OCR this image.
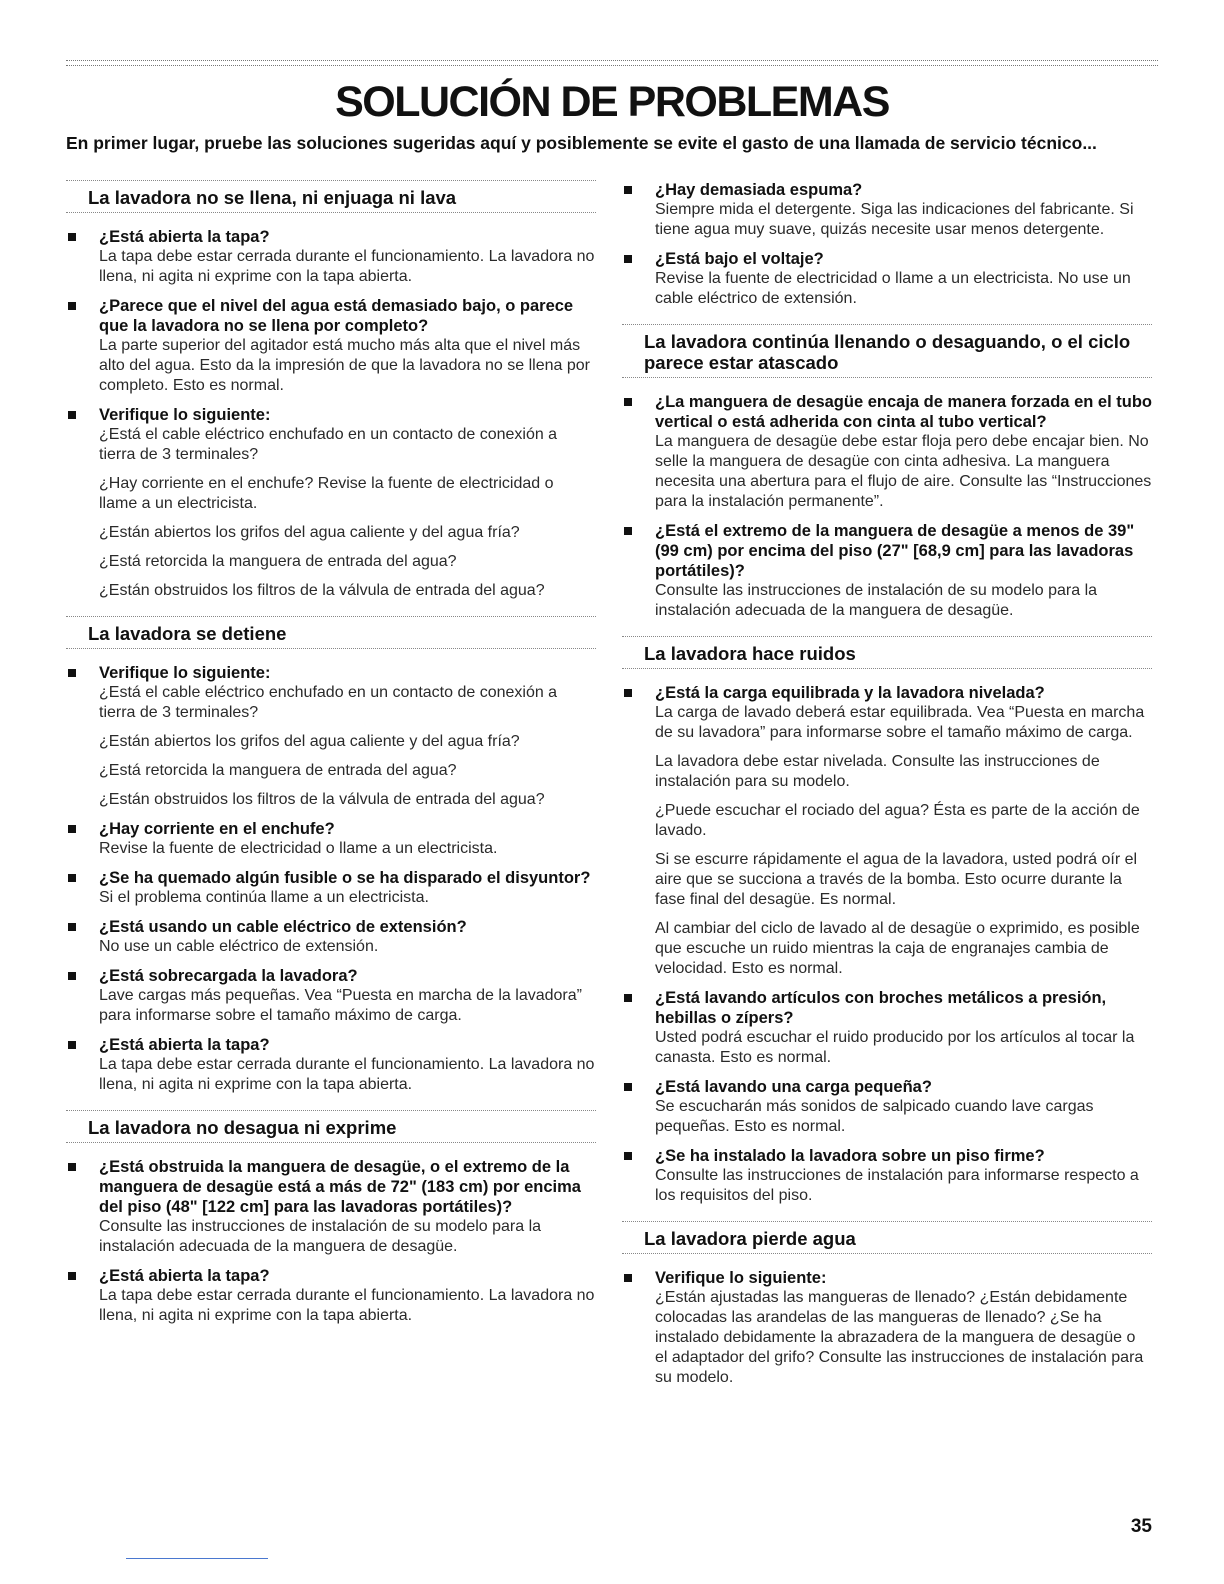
SOLUCIÓN DE PROBLEMAS

En primer lugar, pruebe las soluciones sugeridas aquí y posiblemente se evite el gasto de una llamada de servicio técnico...

La lavadora no se llena, ni enjuaga ni lava
¿Está abierta la tapa?

La tapa debe estar cerrada durante el funcionamiento. La lavadora no llena, ni agita ni exprime con la tapa abierta.

¿Parece que el nivel del agua está demasiado bajo, o parece que la lavadora no se llena por completo?

La parte superior del agitador está mucho más alta que el nivel más alto del agua. Esto da la impresión de que la lavadora no se llena por completo. Esto es normal.

Verifique lo siguiente:

¿Está el cable eléctrico enchufado en un contacto de conexión a tierra de 3 terminales?

¿Hay corriente en el enchufe? Revise la fuente de electricidad o llame a un electricista.

¿Están abiertos los grifos del agua caliente y del agua fría?

¿Está retorcida la manguera de entrada del agua?

¿Están obstruidos los filtros de la válvula de entrada del agua?

La lavadora se detiene
Verifique lo siguiente:

¿Está el cable eléctrico enchufado en un contacto de conexión a tierra de 3 terminales?

¿Están abiertos los grifos del agua caliente y del agua fría?

¿Está retorcida la manguera de entrada del agua?

¿Están obstruidos los filtros de la válvula de entrada del agua?

¿Hay corriente en el enchufe?

Revise la fuente de electricidad o llame a un electricista.

¿Se ha quemado algún fusible o se ha disparado el disyuntor?

Si el problema continúa llame a un electricista.

¿Está usando un cable eléctrico de extensión?

No use un cable eléctrico de extensión.

¿Está sobrecargada la lavadora?

Lave cargas más pequeñas. Vea “Puesta en marcha de la lavadora” para informarse sobre el tamaño máximo de carga.

¿Está abierta la tapa?

La tapa debe estar cerrada durante el funcionamiento. La lavadora no llena, ni agita ni exprime con la tapa abierta.

La lavadora no desagua ni exprime
¿Está obstruida la manguera de desagüe, o el extremo de la manguera de desagüe está a más de 72" (183 cm) por encima del piso (48" [122 cm] para las lavadoras portátiles)?

Consulte las instrucciones de instalación de su modelo para la instalación adecuada de la manguera de desagüe.

¿Está abierta la tapa?

La tapa debe estar cerrada durante el funcionamiento. La lavadora no llena, ni agita ni exprime con la tapa abierta.

¿Hay demasiada espuma?

Siempre mida el detergente. Siga las indicaciones del fabricante. Si tiene agua muy suave, quizás necesite usar menos detergente.

¿Está bajo el voltaje?

Revise la fuente de electricidad o llame a un electricista. No use un cable eléctrico de extensión.

La lavadora continúa llenando o desaguando, o el ciclo parece estar atascado
¿La manguera de desagüe encaja de manera forzada en el tubo vertical o está adherida con cinta al tubo vertical?

La manguera de desagüe debe estar floja pero debe encajar bien. No selle la manguera de desagüe con cinta adhesiva. La manguera necesita una abertura para el flujo de aire. Consulte las “Instrucciones para la instalación permanente”.

¿Está el extremo de la manguera de desagüe a menos de 39" (99 cm) por encima del piso (27" [68,9 cm] para las lavadoras portátiles)?

Consulte las instrucciones de instalación de su modelo para la instalación adecuada de la manguera de desagüe.

La lavadora hace ruidos
¿Está la carga equilibrada y la lavadora nivelada?

La carga de lavado deberá estar equilibrada. Vea “Puesta en marcha de su lavadora” para informarse sobre el tamaño máximo de carga.

La lavadora debe estar nivelada. Consulte las instrucciones de instalación para su modelo.

¿Puede escuchar el rociado del agua? Ésta es parte de la acción de lavado.

Si se escurre rápidamente el agua de la lavadora, usted podrá oír el aire que se succiona a través de la bomba. Esto ocurre durante la fase final del desagüe. Es normal.

Al cambiar del ciclo de lavado al de desagüe o exprimido, es posible que escuche un ruido mientras la caja de engranajes cambia de velocidad. Esto es normal.

¿Está lavando artículos con broches metálicos a presión, hebillas o zípers?

Usted podrá escuchar el ruido producido por los artículos al tocar la canasta. Esto es normal.

¿Está lavando una carga pequeña?

Se escucharán más sonidos de salpicado cuando lave cargas pequeñas. Esto es normal.

¿Se ha instalado la lavadora sobre un piso firme?

Consulte las instrucciones de instalación para informarse respecto a los requisitos del piso.

La lavadora pierde agua
Verifique lo siguiente:

¿Están ajustadas las mangueras de llenado? ¿Están debidamente colocadas las arandelas de las mangueras de llenado? ¿Se ha instalado debidamente la abrazadera de la manguera de desagüe o el adaptador del grifo? Consulte las instrucciones de instalación para su modelo.

35
